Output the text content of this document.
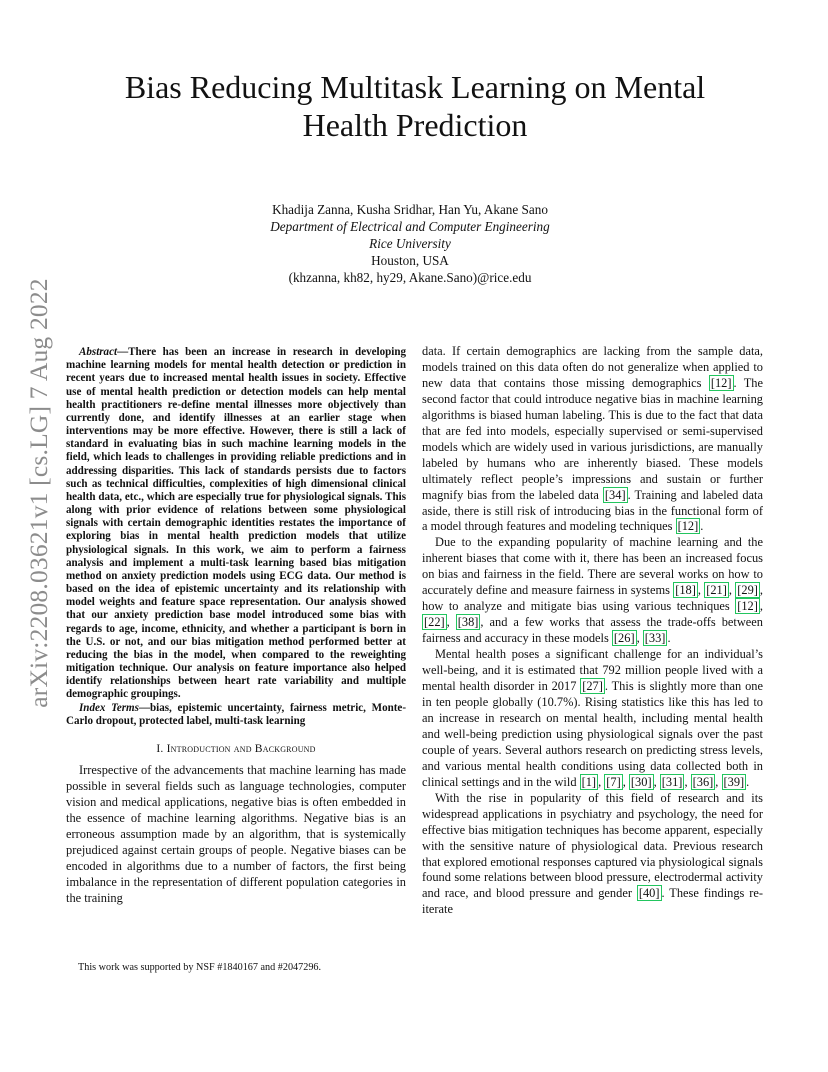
arXiv:2208.03621v1 [cs.LG] 7 Aug 2022
Bias Reducing Multitask Learning on Mental
Health Prediction
Khadija Zanna, Kusha Sridhar, Han Yu, Akane Sano
Department of Electrical and Computer Engineering
Rice University
Houston, USA
(khzanna, kh82, hy29, Akane.Sano)@rice.edu

Abstract—There has been an increase in research in developing machine learning models for mental health detection or prediction in recent years due to increased mental health issues in society. Effective use of mental health prediction or detection models can help mental health practitioners re-define mental illnesses more objectively than currently done, and identify illnesses at an earlier stage when interventions may be more effective. However, there is still a lack of standard in evaluating bias in such machine learning models in the field, which leads to challenges in providing reliable predictions and in addressing disparities. This lack of standards persists due to factors such as technical difficulties, complexities of high dimensional clinical health data, etc., which are especially true for physiological signals. This along with prior evidence of relations between some physiological signals with certain demographic identities restates the importance of exploring bias in mental health prediction models that utilize physiological signals. In this work, we aim to perform a fairness analysis and implement a multi-task learning based bias mitigation method on anxiety prediction models using ECG data. Our method is based on the idea of epistemic uncertainty and its relationship with model weights and feature space representation. Our analysis showed that our anxiety prediction base model introduced some bias with regards to age, income, ethnicity, and whether a participant is born in the U.S. or not, and our bias mitigation method performed better at reducing the bias in the model, when compared to the reweighting mitigation technique. Our analysis on feature importance also helped identify relationships between heart rate variability and multiple demographic groupings.

Index Terms—bias, epistemic uncertainty, fairness metric, Monte-Carlo dropout, protected label, multi-task learning

I. Introduction and Background

Irrespective of the advancements that machine learning has made possible in several fields such as language technologies, computer vision and medical applications, negative bias is often embedded in the essence of machine learning algorithms. Negative bias is an erroneous assumption made by an algorithm, that is systemically prejudiced against certain groups of people. Negative biases can be encoded in algorithms due to a number of factors, the first being imbalance in the representation of different population categories in the training

data. If certain demographics are lacking from the sample data, models trained on this data often do not generalize when applied to new data that contains those missing demographics [12] . The second factor that could introduce negative bias in machine learning algorithms is biased human labeling. This is due to the fact that data that are fed into models, especially supervised or semi-supervised models which are widely used in various jurisdictions, are manually labeled by humans who are inherently biased. These models ultimately reflect people’s impressions and sustain or further magnify bias from the labeled data [34] . Training and labeled data aside, there is still risk of introducing bias in the functional form of a model through features and modeling techniques [12] .

Due to the expanding popularity of machine learning and the inherent biases that come with it, there has been an increased focus on bias and fairness in the field. There are several works on how to accurately define and measure fairness in systems [18] , [21] , [29] , how to analyze and mitigate bias using various techniques [12] , [22] , [38] , and a few works that assess the trade-offs between fairness and accuracy in these models [26] , [33] .

Mental health poses a significant challenge for an individual’s well-being, and it is estimated that 792 million people lived with a mental health disorder in 2017 [27] . This is slightly more than one in ten people globally (10.7%). Rising statistics like this has led to an increase in research on mental health, including mental health and well-being prediction using physiological signals over the past couple of years. Several authors research on predicting stress levels, and various mental health conditions using data collected both in clinical settings and in the wild [1] , [7] , [30] , [31] , [36] , [39] .

With the rise in popularity of this field of research and its widespread applications in psychiatry and psychology, the need for effective bias mitigation techniques has become apparent, especially with the sensitive nature of physiological data. Previous research that explored emotional responses captured via physiological signals found some relations between blood pressure, electrodermal activity and race, and blood pressure and gender [40] . These findings re-iterate

This work was supported by NSF #1840167 and #2047296.
